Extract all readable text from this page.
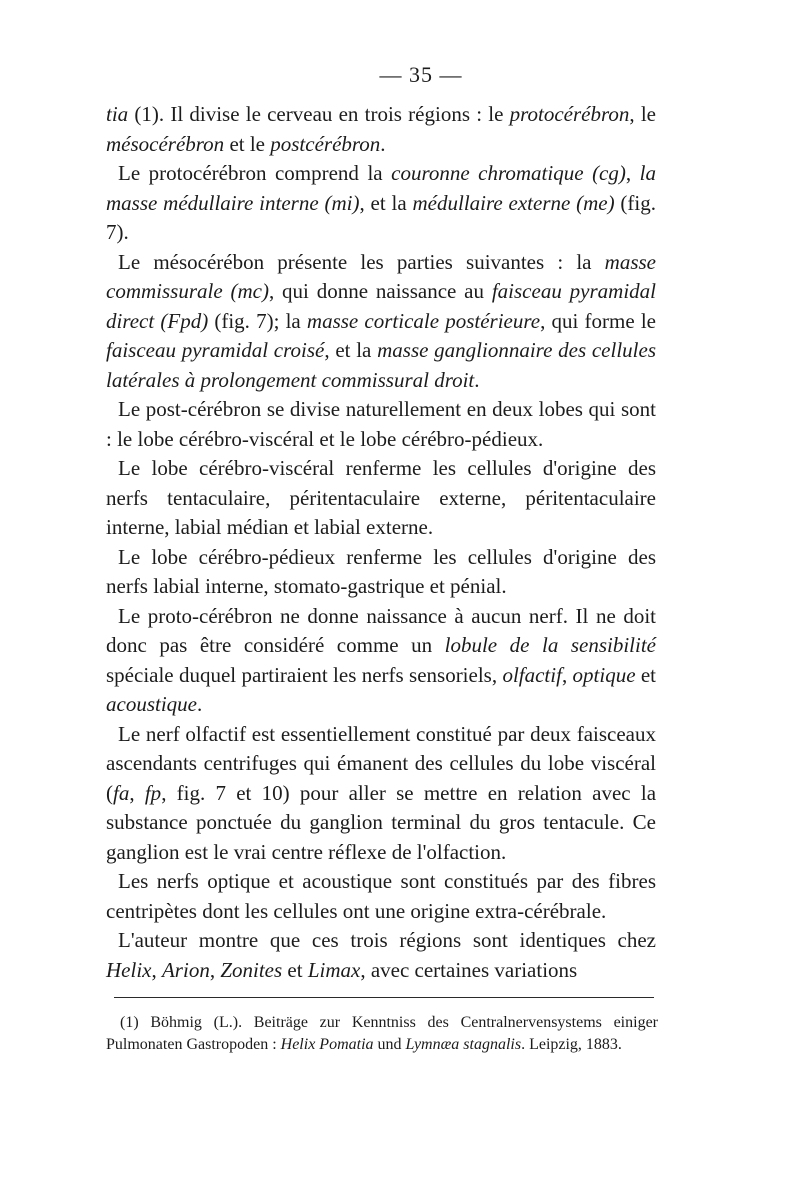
— 35 —

tia (1). Il divise le cerveau en trois régions : le protocérébron, le mésocérébron et le postcérébron.

Le protocérébron comprend la couronne chromatique (cg), la masse médullaire interne (mi), et la médullaire externe (me) (fig. 7).

Le mésocérébon présente les parties suivantes : la masse commissurale (mc), qui donne naissance au faisceau pyramidal direct (Fpd) (fig. 7); la masse corticale postérieure, qui forme le faisceau pyramidal croisé, et la masse ganglionnaire des cellules latérales à prolongement commissural droit.

Le post-cérébron se divise naturellement en deux lobes qui sont : le lobe cérébro-viscéral et le lobe cérébro-pédieux.

Le lobe cérébro-viscéral renferme les cellules d'origine des nerfs tentaculaire, péritentaculaire externe, péritentaculaire interne, labial médian et labial externe.

Le lobe cérébro-pédieux renferme les cellules d'origine des nerfs labial interne, stomato-gastrique et pénial.

Le proto-cérébron ne donne naissance à aucun nerf. Il ne doit donc pas être considéré comme un lobule de la sensibilité spéciale duquel partiraient les nerfs sensoriels, olfactif, optique et acoustique.

Le nerf olfactif est essentiellement constitué par deux faisceaux ascendants centrifuges qui émanent des cellules du lobe viscéral (fa, fp, fig. 7 et 10) pour aller se mettre en relation avec la substance ponctuée du ganglion terminal du gros tentacule. Ce ganglion est le vrai centre réflexe de l'olfaction.

Les nerfs optique et acoustique sont constitués par des fibres centripètes dont les cellules ont une origine extra-cérébrale.

L'auteur montre que ces trois régions sont identiques chez Helix, Arion, Zonites et Limax, avec certaines variations

(1) Böhmig (L.). Beiträge zur Kenntniss des Centralnervensystems einiger Pulmonaten Gastropoden : Helix Pomatia und Lymnæa stagnalis. Leipzig, 1883.
